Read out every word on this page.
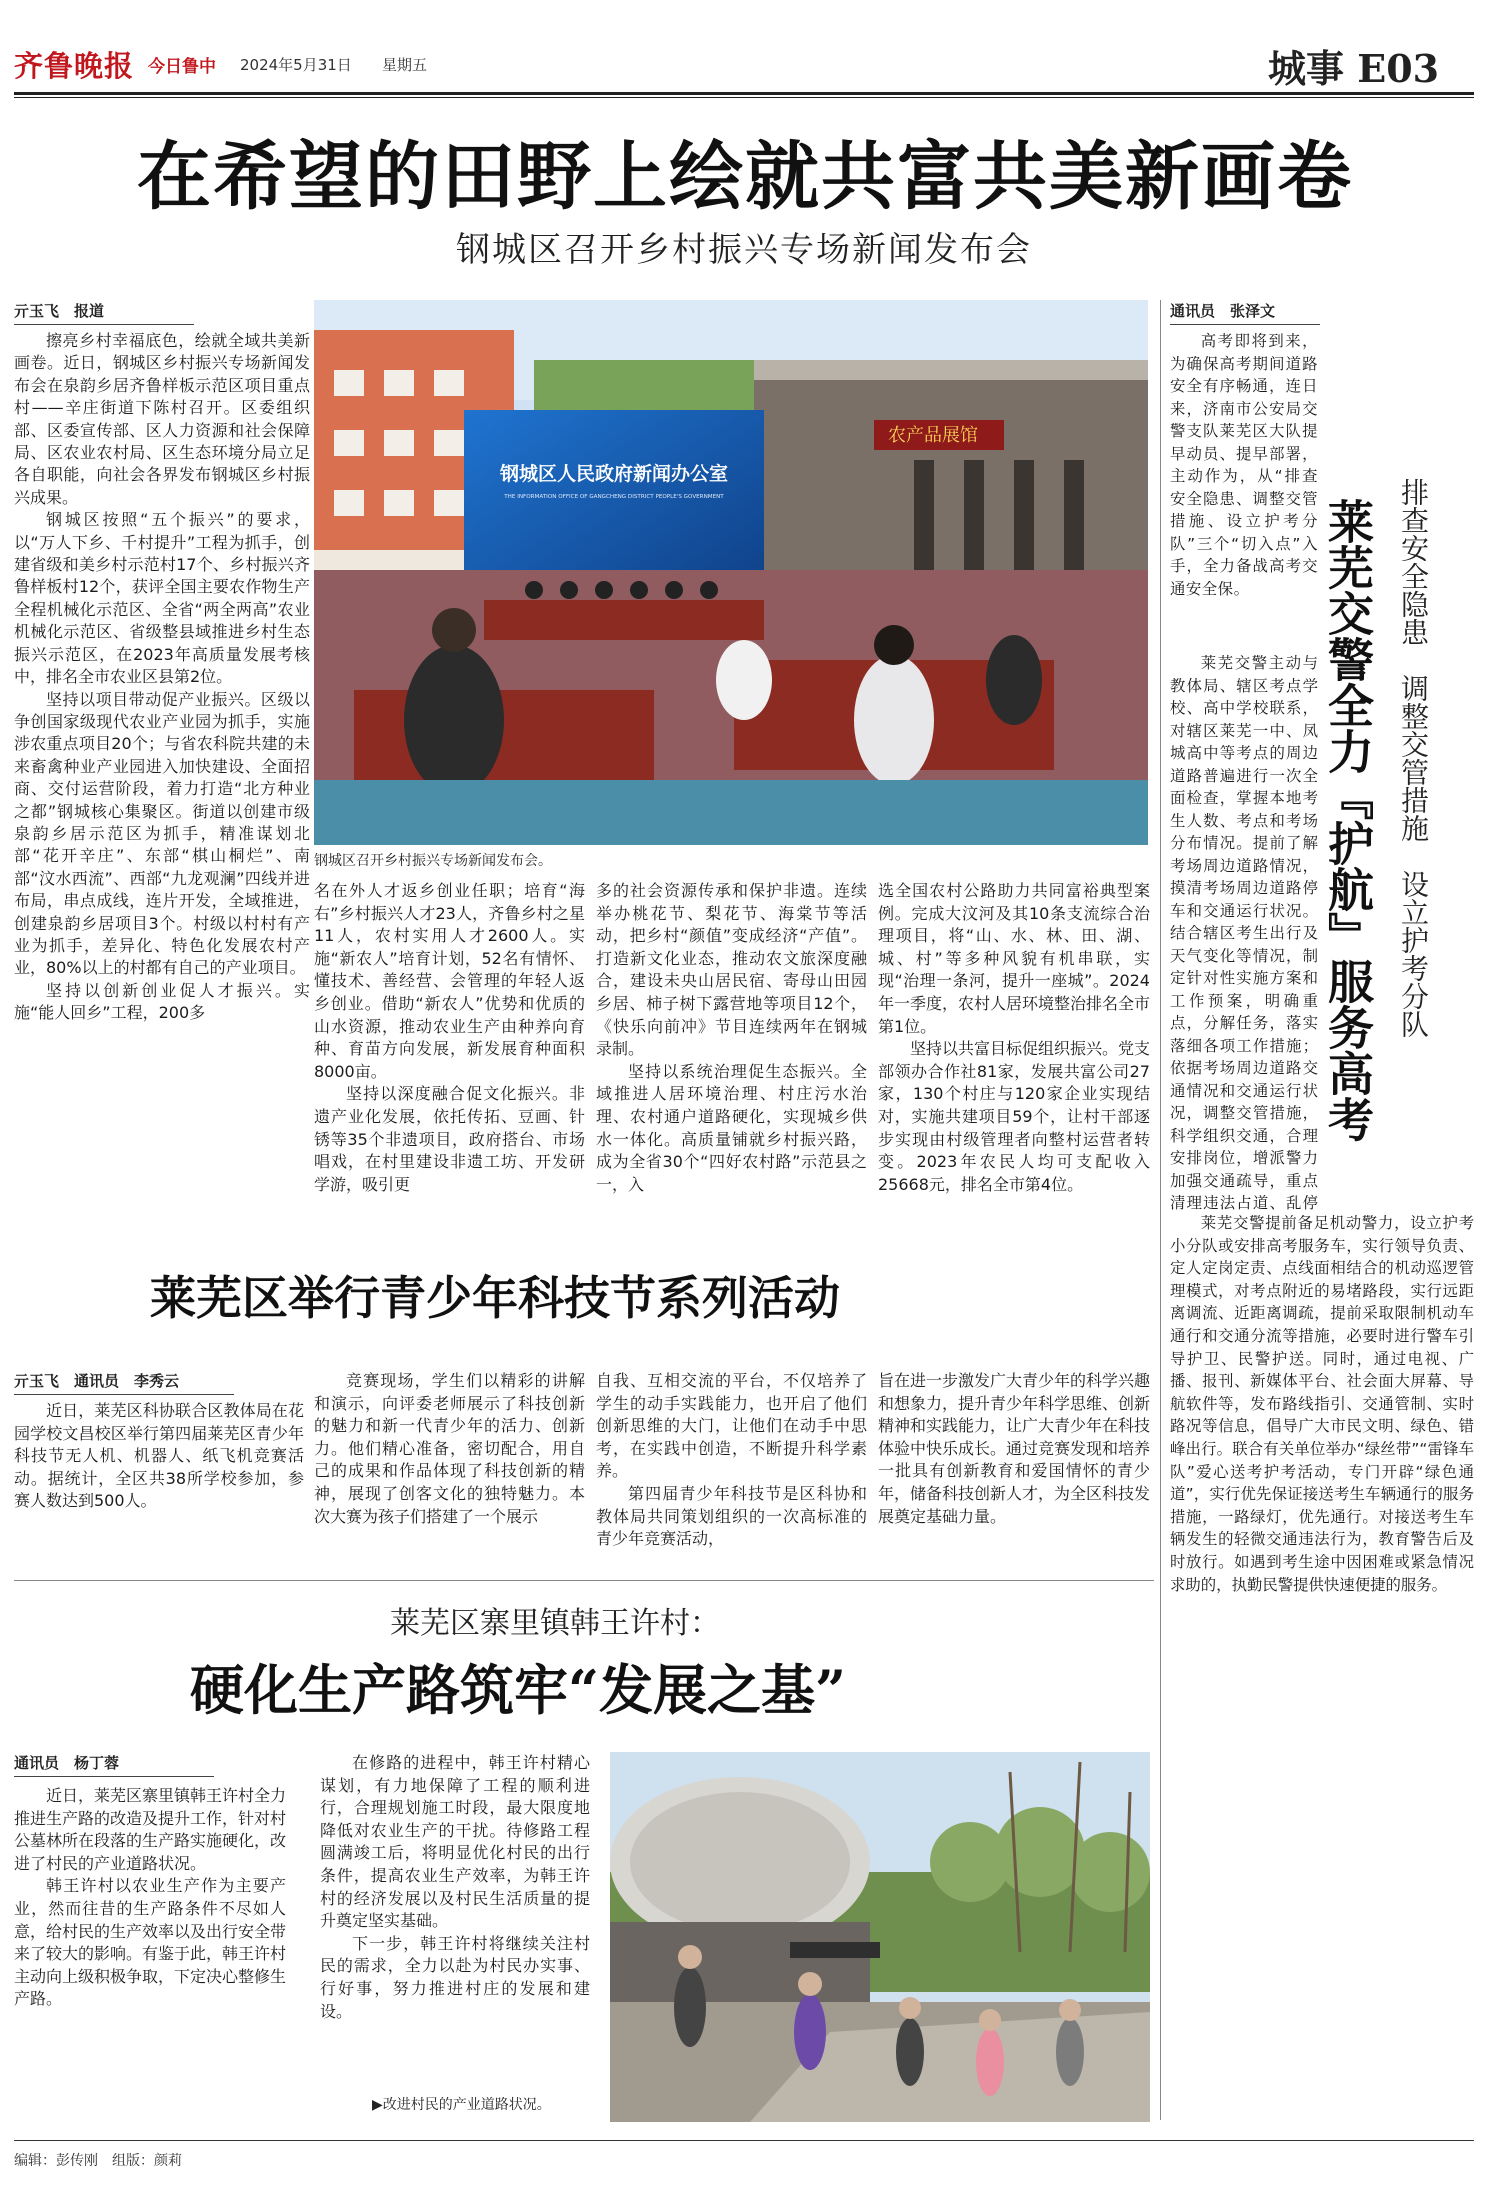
齐鲁晚报 今日鲁中 2024年5月31日 星期五	城事 E03
在希望的田野上绘就共富共美新画卷
钢城区召开乡村振兴专场新闻发布会
亓玉飞　报道

擦亮乡村幸福底色，绘就全域共美新画卷。近日，钢城区乡村振兴专场新闻发布会在泉韵乡居齐鲁样板示范区项目重点村——辛庄街道下陈村召开。区委组织部、区委宣传部、区人力资源和社会保障局、区农业农村局、区生态环境分局立足各自职能，向社会各界发布钢城区乡村振兴成果。

钢城区按照“五个振兴”的要求，以“万人下乡、千村提升”工程为抓手，创建省级和美乡村示范村17个、乡村振兴齐鲁样板村12个，获评全国主要农作物生产全程机械化示范区、全省“两全两高”农业机械化示范区、省级整县域推进乡村生态振兴示范区，在2023年高质量发展考核中，排名全市农业区县第2位。

坚持以项目带动促产业振兴。区级以争创国家级现代农业产业园为抓手，实施涉农重点项目20个；与省农科院共建的未来畜禽种业产业园进入加快建设、全面招商、交付运营阶段，着力打造“北方种业之都”钢城核心集聚区。街道以创建市级泉韵乡居示范区为抓手，精准谋划北部“花开辛庄”、东部“棋山桐烂”、南部“汶水西流”、西部“九龙观澜”四线并进布局，串点成线，连片开发，全域推进，创建泉韵乡居项目3个。村级以村村有产业为抓手，差异化、特色化发展农村产业，80%以上的村都有自己的产业项目。

坚持以创新创业促人才振兴。实施“能人回乡”工程，200多

农产品展馆
钢城区人民政府新闻办公室
THE INFORMATION OFFICE OF GANGCHENG DISTRICT PEOPLE'S GOVERNMENT
钢城区召开乡村振兴专场新闻发布会。
名在外人才返乡创业任职；培育“海右”乡村振兴人才23人，齐鲁乡村之星11人，农村实用人才2600人。实施“新农人”培育计划，52名有情怀、懂技术、善经营、会管理的年轻人返乡创业。借助“新农人”优势和优质的山水资源，推动农业生产由种养向育种、育苗方向发展，新发展育种面积8000亩。

坚持以深度融合促文化振兴。非遗产业化发展，依托传拓、豆画、针锈等35个非遗项目，政府搭台、市场唱戏，在村里建设非遗工坊、开发研学游，吸引更

多的社会资源传承和保护非遗。连续举办桃花节、梨花节、海棠节等活动，把乡村“颜值”变成经济“产值”。打造新文化业态，推动农文旅深度融合，建设未央山居民宿、寄母山田园乡居、柿子树下露营地等项目12个，《快乐向前冲》节目连续两年在钢城录制。

坚持以系统治理促生态振兴。全域推进人居环境治理、村庄污水治理、农村通户道路硬化，实现城乡供水一体化。高质量铺就乡村振兴路，成为全省30个“四好农村路”示范县之一，入

选全国农村公路助力共同富裕典型案例。完成大汶河及其10条支流综合治理项目，将“山、水、林、田、湖、城、村”等多种风貌有机串联，实现“治理一条河，提升一座城”。2024年一季度，农村人居环境整治排名全市第1位。

坚持以共富目标促组织振兴。党支部领办合作社81家，发展共富公司27家，130个村庄与120家企业实现结对，实施共建项目59个，让村干部逐步实现由村级管理者向整村运营者转变。2023年农民人均可支配收入25668元，排名全市第4位。

莱芜区举行青少年科技节系列活动
亓玉飞　通讯员　李秀云

近日，莱芜区科协联合区教体局在花园学校文昌校区举行第四届莱芜区青少年科技节无人机、机器人、纸飞机竞赛活动。据统计，全区共38所学校参加，参赛人数达到500人。

竞赛现场，学生们以精彩的讲解和演示，向评委老师展示了科技创新的魅力和新一代青少年的活力、创新力。他们精心准备，密切配合，用自己的成果和作品体现了科技创新的精神，展现了创客文化的独特魅力。本次大赛为孩子们搭建了一个展示

自我、互相交流的平台，不仅培养了学生的动手实践能力，也开启了他们创新思维的大门，让他们在动手中思考，在实践中创造，不断提升科学素养。

第四届青少年科技节是区科协和教体局共同策划组织的一次高标准的青少年竞赛活动，

旨在进一步激发广大青少年的科学兴趣和想象力，提升青少年科学思维、创新精神和实践能力，让广大青少年在科技体验中快乐成长。通过竞赛发现和培养一批具有创新教育和爱国情怀的青少年，储备科技创新人才，为全区科技发展奠定基础力量。
莱芜区寨里镇韩王许村：
硬化生产路筑牢“发展之基”
通讯员　杨丁蓉

近日，莱芜区寨里镇韩王许村全力推进生产路的改造及提升工作，针对村公墓林所在段落的生产路实施硬化，改进了村民的产业道路状况。

韩王许村以农业生产作为主要产业，然而往昔的生产路条件不尽如人意，给村民的生产效率以及出行安全带来了较大的影响。有鉴于此，韩王许村主动向上级积极争取，下定决心整修生产路。

在修路的进程中，韩王许村精心谋划，有力地保障了工程的顺利进行，合理规划施工时段，最大限度地降低对农业生产的干扰。待修路工程圆满竣工后，将明显优化村民的出行条件，提高农业生产效率，为韩王许村的经济发展以及村民生活质量的提升奠定坚实基础。

下一步，韩王许村将继续关注村民的需求，全力以赴为村民办实事、行好事，努力推进村庄的发展和建设。

▶改进村民的产业道路状况。
通讯员　张泽文

高考即将到来，为确保高考期间道路安全有序畅通，连日来，济南市公安局交警支队莱芜区大队提早动员、提早部署，主动作为，从“排查安全隐患、调整交管措施、设立护考分队”三个“切入点”入手，全力备战高考交通安全保。	排查安全隐患　调整交管措施　设立护考分队
莱芜交警全力『护航』服务高考

莱芜交警主动与教体局、辖区考点学校、高中学校联系，对辖区莱芜一中、凤城高中等考点的周边道路普遍进行一次全面检查，掌握本地考生人数、考点和考场分布情况。提前了解考场周边道路情况，摸清考场周边道路停车和交通运行状况。结合辖区考生出行及天气变化等情况，制定针对性实施方案和工作预案，明确重点，分解任务，落实落细各项工作措施；依据考场周边道路交通情况和交通运行状况，调整交管措施，科学组织交通，合理安排岗位，增派警力加强交通疏导，重点清理违法占道、乱停

莱芜交警提前备足机动警力，设立护考小分队或安排高考服务车，实行领导负责、定人定岗定责、点线面相结合的机动巡逻管理模式，对考点附近的易堵路段，实行远距离调流、近距离调疏，提前采取限制机动车通行和交通分流等措施，必要时进行警车引导护卫、民警护送。同时，通过电视、广播、报刊、新媒体平台、社会面大屏幕、导航软件等，发布路线指引、交通管制、实时路况等信息，倡导广大市民文明、绿色、错峰出行。联合有关单位举办“绿丝带”“雷锋车队”爱心送考护考活动，专门开辟“绿色通道”，实行优先保证接送考生车辆通行的服务措施，一路绿灯，优先通行。对接送考生车辆发生的轻微交通违法行为，教育警告后及时放行。如遇到考生途中因困难或紧急情况求助的，执勤民警提供快速便捷的服务。

编辑：彭传刚　组版：颜莉
